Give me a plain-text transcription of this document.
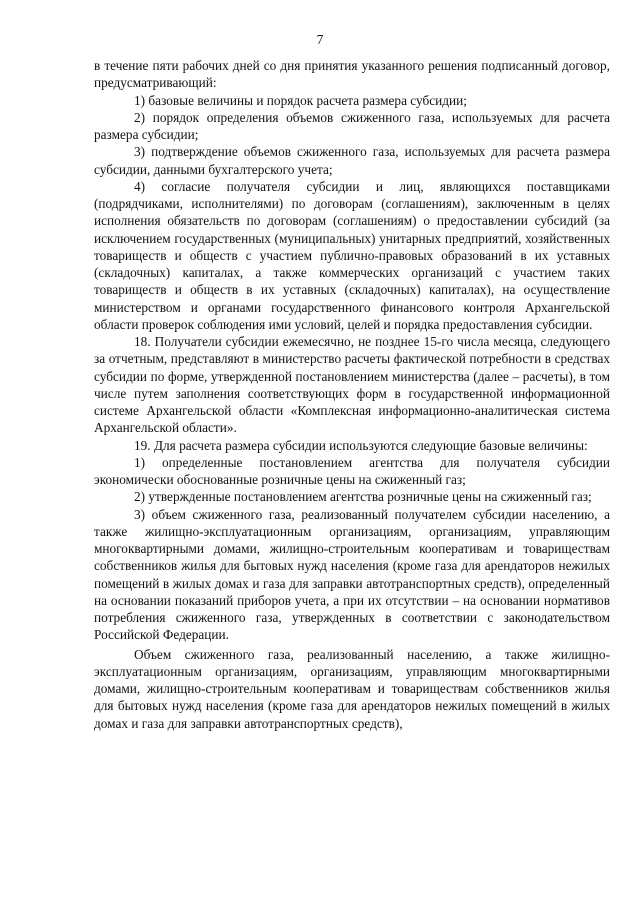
7

в течение пяти рабочих дней со дня принятия указанного решения подписанный договор, предусматривающий:

1) базовые величины и порядок расчета размера субсидии;

2) порядок определения объемов сжиженного газа, используемых для расчета размера субсидии;

3) подтверждение объемов сжиженного газа, используемых для расчета размера субсидии, данными бухгалтерского учета;

4) согласие получателя субсидии и лиц, являющихся поставщиками (подрядчиками, исполнителями) по договорам (соглашениям), заключенным в целях исполнения обязательств по договорам (соглашениям) о предоставлении субсидий (за исключением государственных (муниципальных) унитарных предприятий, хозяйственных товариществ и обществ с участием публично-правовых образований в их уставных (складочных) капиталах, а также коммерческих организаций с участием таких товариществ и обществ в их уставных (складочных) капиталах), на осуществление министерством и органами государственного финансового контроля Архангельской области проверок соблюдения ими условий, целей и порядка предоставления субсидии.

18. Получатели субсидии ежемесячно, не позднее 15-го числа месяца, следующего за отчетным, представляют в министерство расчеты фактической потребности в средствах субсидии по форме, утвержденной постановлением министерства (далее – расчеты), в том числе путем заполнения соответствующих форм в государственной информационной системе Архангельской области «Комплексная информационно-аналитическая система Архангельской области».

19. Для расчета размера субсидии используются следующие базовые величины:

1) определенные постановлением агентства для получателя субсидии экономически обоснованные розничные цены на сжиженный газ;

2) утвержденные постановлением агентства розничные цены на сжиженный газ;

3) объем сжиженного газа, реализованный получателем субсидии населению, а также жилищно-эксплуатационным организациям, организациям, управляющим многоквартирными домами, жилищно-строительным кооперативам и товариществам собственников жилья для бытовых нужд населения (кроме газа для арендаторов нежилых помещений в жилых домах и газа для заправки автотранспортных средств), определенный на основании показаний приборов учета, а при их отсутствии – на основании нормативов потребления сжиженного газа, утвержденных в соответствии с законодательством Российской Федерации.

Объем сжиженного газа, реализованный населению, а также жилищно-эксплуатационным организациям, организациям, управляющим многоквартирными домами, жилищно-строительным кооперативам и товариществам собственников жилья для бытовых нужд населения (кроме газа для арендаторов нежилых помещений в жилых домах и газа для заправки автотранспортных средств),
